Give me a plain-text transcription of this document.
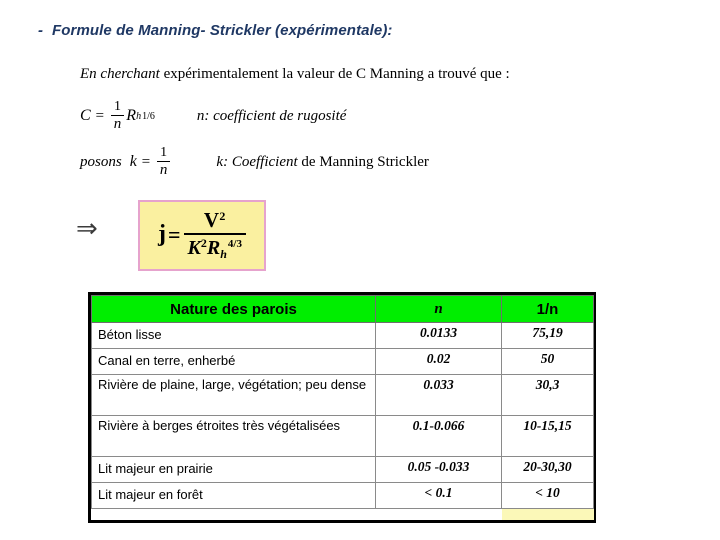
- Formule de Manning- Strickler (expérimentale):
En cherchant expérimentalement la valeur de C Manning a trouvé que :
$C = \frac{1}{n}$ R h 1/6	n: coefficient de rugosité
posons $k = \frac{1}{n}$	k: Coefficient de Manning Strickler
⇒	j =
$V^2$
$K^2R_h^{4/3}$
Nature des parois	n	1/n
Béton lisse	0.0133	75,19
Canal en terre, enherbé	0.02	50
Rivière de plaine, large, végétation; peu dense	0.033	30,3
Rivière à berges étroites très végétalisées	0.1-0.066	10-15,15
Lit majeur en prairie	0.05 -0.033	20-30,30
Lit majeur en forêt	< 0.1	< 10
